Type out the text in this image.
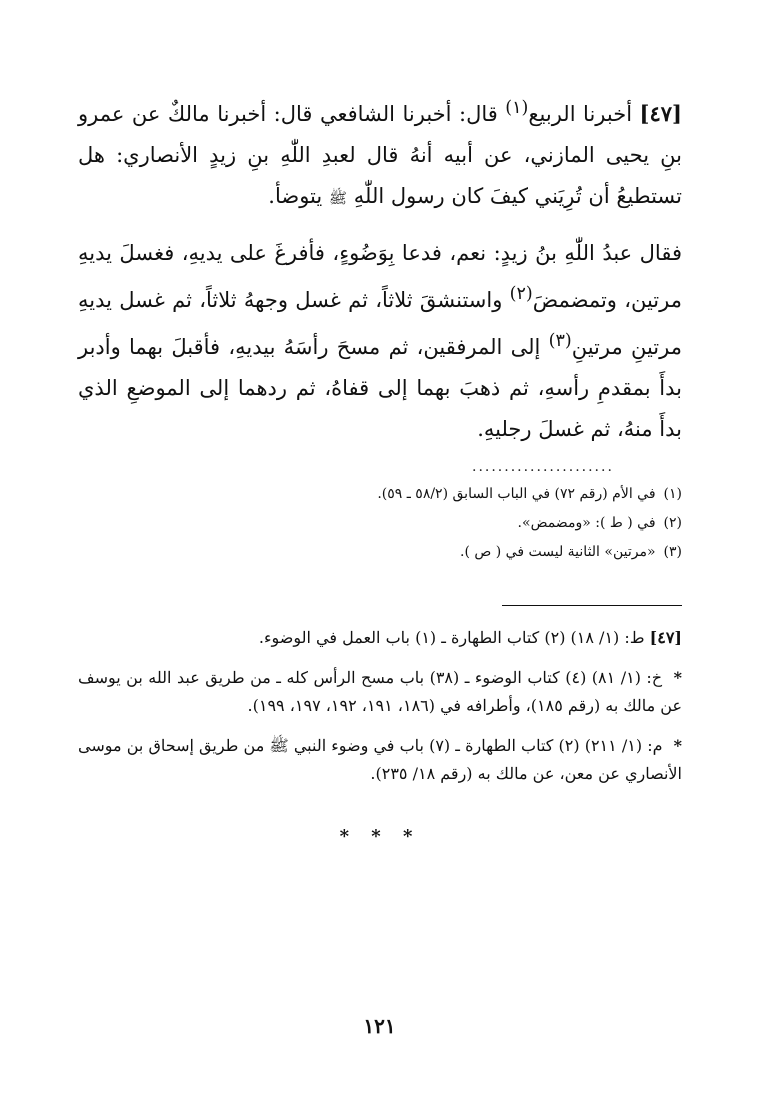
[٤٧] أخبرنا الربيع$^{(١)}$ قال: أخبرنا الشافعي قال: أخبرنا مالكٌ عن عمرو بنِ يحيى المازني، عن أبيه أنهُ قال لعبدِ اللّٰهِ بنِ زيدٍ الأنصاري: هل تستطيعُ أن تُرِيَني كيفَ كان رسول اللّٰهِ ﷺ يتوضأ.

فقال عبدُ اللّٰهِ بنُ زيدٍ: نعم، فدعا بِوَضُوءٍ، فأفرغَ على يديهِ، فغسلَ يديهِ مرتين، وتمضمضَ$^{(٢)}$ واستنشقَ ثلاثاً، ثم غسل وجههُ ثلاثاً، ثم غسل يديهِ مرتينِ مرتينِ$^{(٣)}$ إلى المرفقين، ثم مسحَ رأسَهُ بيديهِ، فأقبلَ بهما وأدبر بدأَ بمقدمِ رأسهِ، ثم ذهبَ بهما إلى قفاهُ، ثم ردهما إلى الموضعِ الذي بدأَ منهُ، ثم غسلَ رجليهِ.

......................
(١)في الأم (رقم ٧٢) في الباب السابق (٥٨/٢ ـ ٥٩).
(٢)في ( ط ): «ومضمض».
(٣)«مرتين» الثانية ليست في ( ص ).

[٤٧] ط: (١/ ١٨) (٢) كتاب الطهارة ـ (١) باب العمل في الوضوء.

* خ: (١/ ٨١) (٤) كتاب الوضوء ـ (٣٨) باب مسح الرأس كله ـ من طريق عبد الله بن يوسف عن مالك به (رقم ١٨٥)، وأطرافه في (١٨٦، ١٩١، ١٩٢، ١٩٧، ١٩٩).

* م: (١/ ٢١١) (٢) كتاب الطهارة ـ (٧) باب في وضوء النبي ﷺ من طريق إسحاق بن موسى الأنصاري عن معن، عن مالك به (رقم ١٨/ ٢٣٥).

* * *
١٢١
